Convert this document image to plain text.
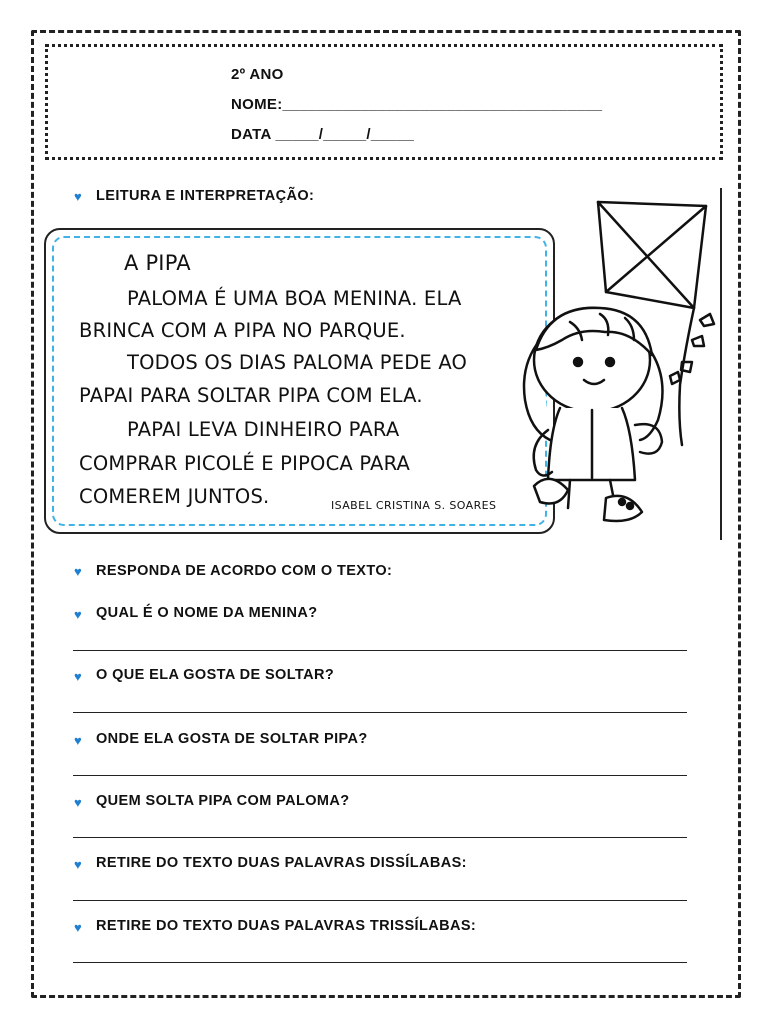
2º ANO
NOME:_____________________________________
DATA _____/_____/_____
♥ LEITURA E INTERPRETAÇÃO:
A PIPA
PALOMA É UMA BOA MENINA. ELA
BRINCA COM A PIPA NO PARQUE.
TODOS OS DIAS PALOMA PEDE AO
PAPAI PARA SOLTAR PIPA COM ELA.
PAPAI LEVA DINHEIRO PARA
COMPRAR PICOLÉ E PIPOCA PARA
COMEREM JUNTOS.	ISABEL CRISTINA S. SOARES
♥ RESPONDA DE ACORDO COM O TEXTO:
♥ QUAL É O NOME DA MENINA?
♥ O QUE ELA GOSTA DE SOLTAR?
♥ ONDE ELA GOSTA DE SOLTAR PIPA?
♥ QUEM SOLTA PIPA COM PALOMA?
♥ RETIRE DO TEXTO DUAS PALAVRAS DISSÍLABAS:
♥ RETIRE DO TEXTO DUAS PALAVRAS TRISSÍLABAS:
